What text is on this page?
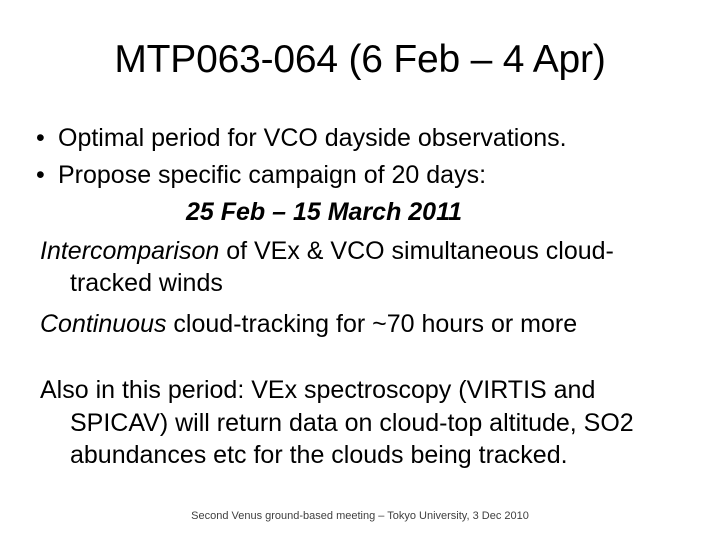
MTP063-064 (6 Feb – 4 Apr)
• Optimal period for VCO dayside observations.
• Propose specific campaign of 20 days:
25 Feb – 15 March 2011
Intercomparison of VEx & VCO simultaneous cloud-tracked winds
Continuous cloud-tracking for ~70 hours or more
Also in this period: VEx spectroscopy (VIRTIS and SPICAV) will return data on cloud-top altitude, SO2 abundances etc for the clouds being tracked.
Second Venus ground-based meeting – Tokyo University, 3 Dec 2010
